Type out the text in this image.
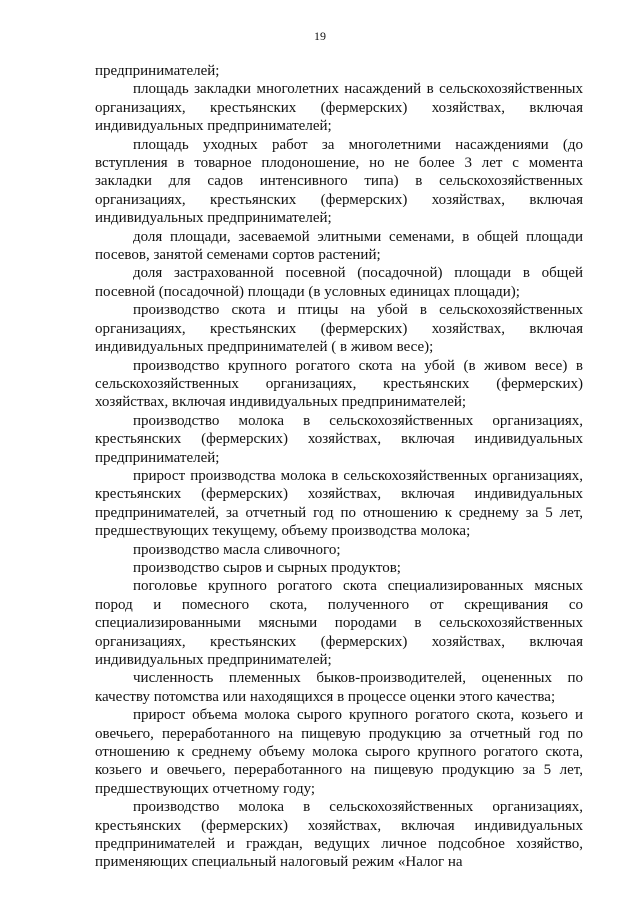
19

предпринимателей;

площадь закладки многолетних насаждений в сельскохозяйственных организациях, крестьянских (фермерских) хозяйствах, включая индивидуальных предпринимателей;

площадь уходных работ за многолетними насаждениями (до вступления в товарное плодоношение, но не более 3 лет с момента закладки для садов интенсивного типа) в сельскохозяйственных организациях, крестьянских (фермерских) хозяйствах, включая индивидуальных предпринимателей;

доля площади, засеваемой элитными семенами, в общей площади посевов, занятой семенами сортов растений;

доля застрахованной посевной (посадочной) площади в общей посевной (посадочной) площади (в условных единицах площади);

производство скота и птицы на убой в сельскохозяйственных организациях, крестьянских (фермерских) хозяйствах, включая индивидуальных предпринимателей ( в живом весе);

производство крупного рогатого скота на убой (в живом весе) в сельскохозяйственных организациях, крестьянских (фермерских) хозяйствах, включая индивидуальных предпринимателей;

производство молока в сельскохозяйственных организациях, крестьянских (фермерских) хозяйствах, включая индивидуальных предпринимателей;

прирост производства молока в сельскохозяйственных организациях, крестьянских (фермерских) хозяйствах, включая индивидуальных предпринимателей, за отчетный год по отношению к среднему за 5 лет, предшествующих текущему, объему производства молока;

производство масла сливочного;

производство сыров и сырных продуктов;

поголовье крупного рогатого скота специализированных мясных пород и помесного скота, полученного от скрещивания со специализированными мясными породами в сельскохозяйственных организациях, крестьянских (фермерских) хозяйствах, включая индивидуальных предпринимателей;

численность племенных быков-производителей, оцененных по качеству потомства или находящихся в процессе оценки этого качества;

прирост объема молока сырого крупного рогатого скота, козьего и овечьего, переработанного на пищевую продукцию за отчетный год по отношению к среднему объему молока сырого крупного рогатого скота, козьего и овечьего, переработанного на пищевую продукцию за 5 лет, предшествующих отчетному году;

производство молока в сельскохозяйственных организациях, крестьянских (фермерских) хозяйствах, включая индивидуальных предпринимателей и граждан, ведущих личное подсобное хозяйство, применяющих специальный налоговый режим «Налог на
